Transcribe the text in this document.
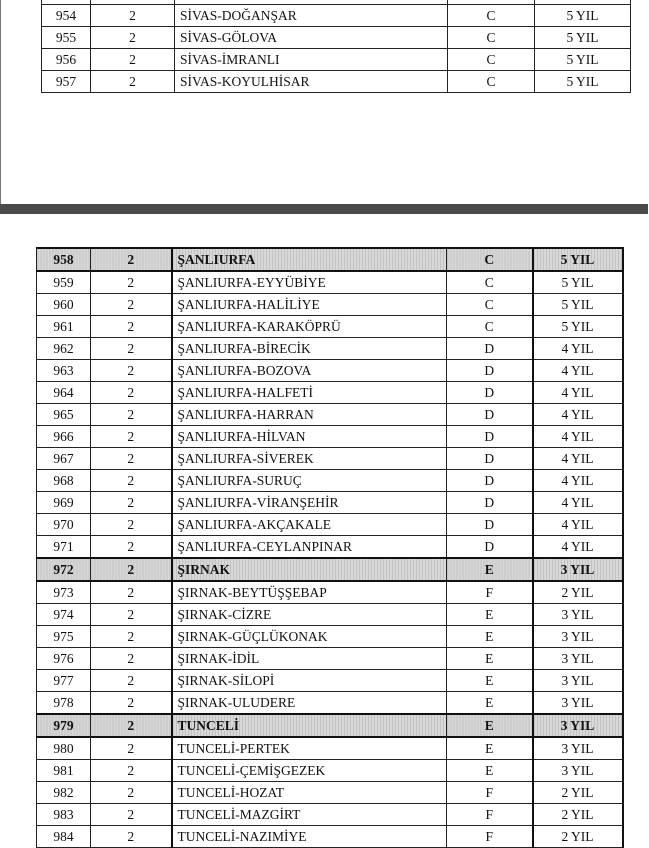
954	2	SİVAS-DOĞANŞAR	C	5 YIL
955	2	SİVAS-GÖLOVA	C	5 YIL
956	2	SİVAS-İMRANLI	C	5 YIL
957	2	SİVAS-KOYULHİSAR	C	5 YIL
958	2	ŞANLIURFA	C	5 YIL
959	2	ŞANLIURFA-EYYÜBİYE	C	5 YIL
960	2	ŞANLIURFA-HALİLİYE	C	5 YIL
961	2	ŞANLIURFA-KARAKÖPRÜ	C	5 YIL
962	2	ŞANLIURFA-BİRECİK	D	4 YIL
963	2	ŞANLIURFA-BOZOVA	D	4 YIL
964	2	ŞANLIURFA-HALFETİ	D	4 YIL
965	2	ŞANLIURFA-HARRAN	D	4 YIL
966	2	ŞANLIURFA-HİLVAN	D	4 YIL
967	2	ŞANLIURFA-SİVEREK	D	4 YIL
968	2	ŞANLIURFA-SURUÇ	D	4 YIL
969	2	ŞANLIURFA-VİRANŞEHİR	D	4 YIL
970	2	ŞANLIURFA-AKÇAKALE	D	4 YIL
971	2	ŞANLIURFA-CEYLANPINAR	D	4 YIL
972	2	ŞIRNAK	E	3 YIL
973	2	ŞIRNAK-BEYTÜŞŞEBAP	F	2 YIL
974	2	ŞIRNAK-CİZRE	E	3 YIL
975	2	ŞIRNAK-GÜÇLÜKONAK	E	3 YIL
976	2	ŞIRNAK-İDİL	E	3 YIL
977	2	ŞIRNAK-SİLOPİ	E	3 YIL
978	2	ŞIRNAK-ULUDERE	E	3 YIL
979	2	TUNCELİ	E	3 YIL
980	2	TUNCELİ-PERTEK	E	3 YIL
981	2	TUNCELİ-ÇEMİŞGEZEK	E	3 YIL
982	2	TUNCELİ-HOZAT	F	2 YIL
983	2	TUNCELİ-MAZGİRT	F	2 YIL
984	2	TUNCELİ-NAZIMİYE	F	2 YIL
